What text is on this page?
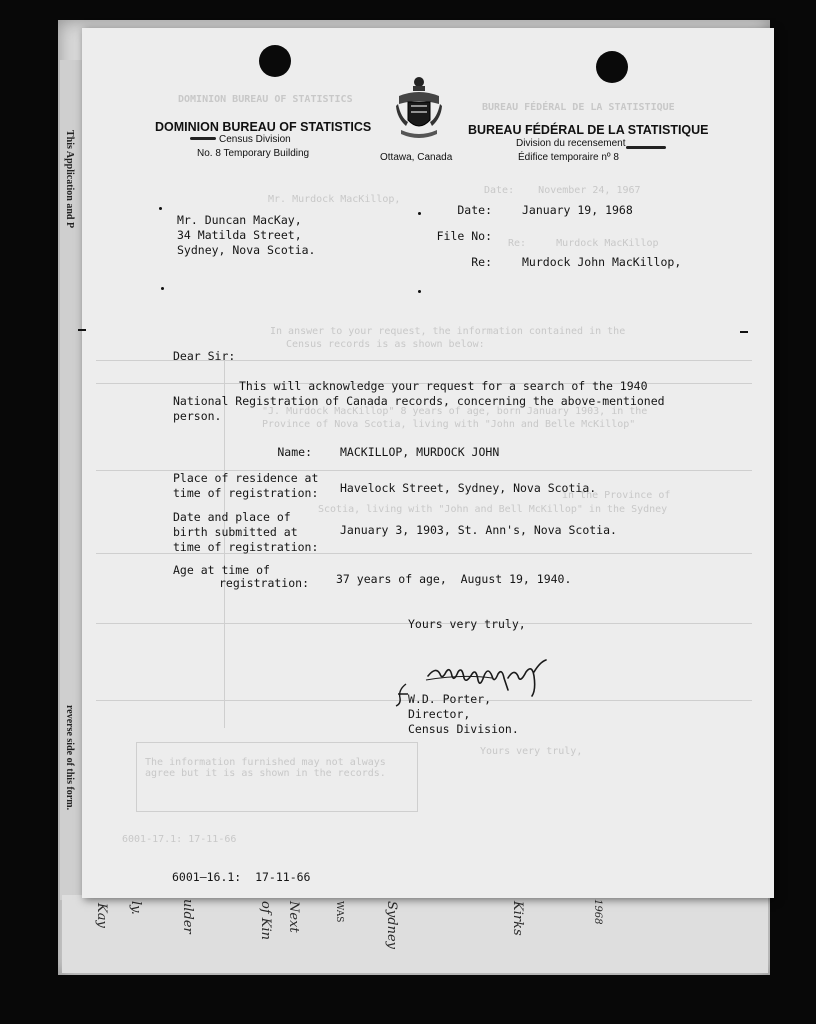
This Application and P
reverse side of this form.
Kay ly.	ulder	Next
of Kin	WAS	Sydney	Kirks	1968
DOMINION BUREAU OF STATISTICS
BUREAU FÉDÉRAL DE LA STATISTIQUE
Mr. Murdock MacKillop,
Date:    November 24, 1967
Re:     Murdock MacKillop
In answer to your request, the information contained in the
Census records is as shown below:
"J. Murdock MacKillop" 8 years of age, born January 1903, in the
Province of Nova Scotia, living with "John and Belle McKillop"
in the Province of
Scotia, living with "John and Bell McKillop" in the Sydney
The information furnished may not always agree but it is as shown in the records.
Yours very truly,
6001-17.1: 17-11-66
DOMINION BUREAU OF STATISTICS
Census Division
No. 8 Temporary Building	Ottawa, Canada
BUREAU FÉDÉRAL DE LA STATISTIQUE
Division du recensement
Édifice temporaire nº 8
Mr. Duncan MacKay,
34 Matilda Street,
Sydney, Nova Scotia.
Date:	January 19, 1968
File No:
Re:	Murdock John MacKillop,
Dear Sir:
This will acknowledge your request for a search of the 1940
National Registration of Canada records, concerning the above-mentioned
person.
Name: MACKILLOP, MURDOCK JOHN
Place of residence at
time of registration: Havelock Street, Sydney, Nova Scotia.
Date and place of
birth submitted at
time of registration:
January 3, 1903, St. Ann's, Nova Scotia.
Age at time of
registration: 37 years of age,  August 19, 1940.
Yours very truly,
W.D. Porter,
Director,
Census Division.
6001—16.1:  17-11-66
